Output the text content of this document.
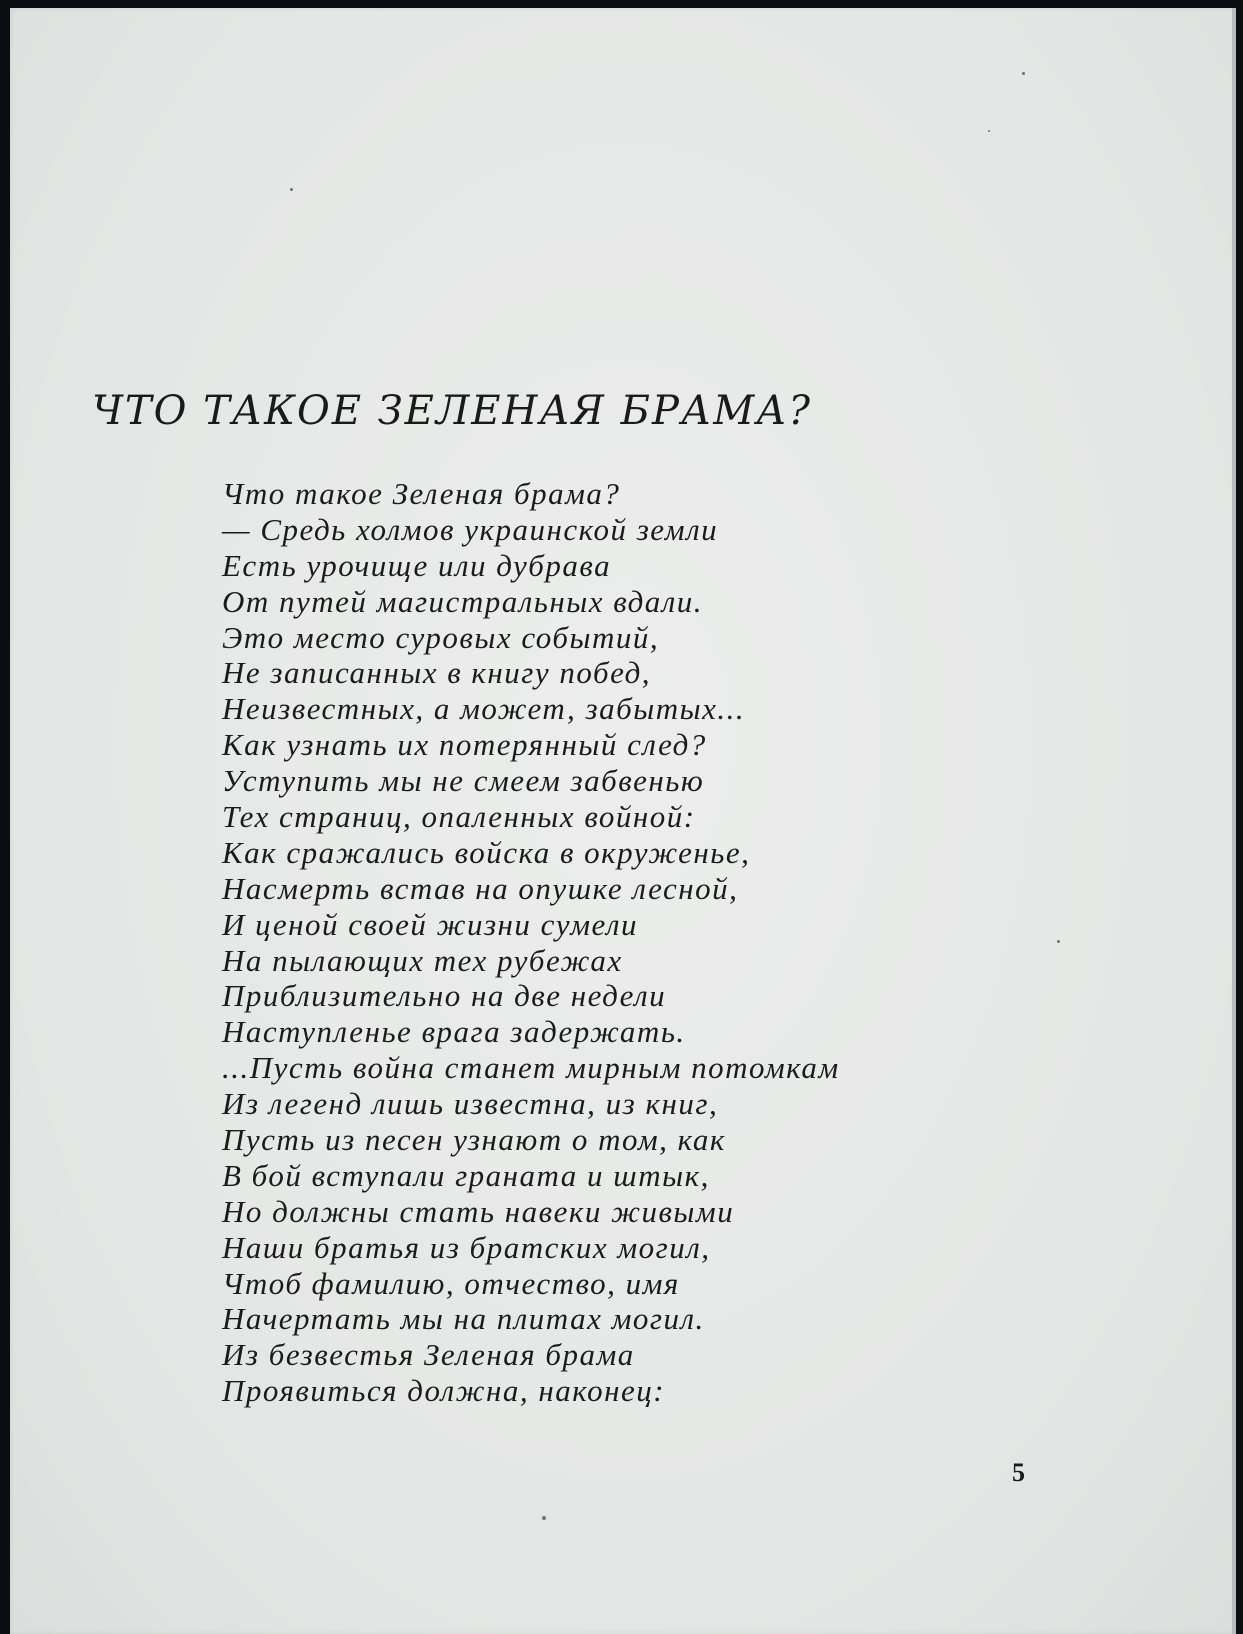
ЧТО ТАКОЕ ЗЕЛЕНАЯ БРАМА?
Что такое Зеленая брама?
— Средь холмов украинской земли
Есть урочище или дубрава
От путей магистральных вдали.
Это место суровых событий,
Не записанных в книгу побед,
Неизвестных, а может, забытых...
Как узнать их потерянный след?
Уступить мы не смеем забвенью
Тех страниц, опаленных войной:
Как сражались войска в окруженье,
Насмерть встав на опушке лесной,
И ценой своей жизни сумели
На пылающих тех рубежах
Приблизительно на две недели
Наступленье врага задержать.
...Пусть война станет мирным потомкам
Из легенд лишь известна, из книг,
Пусть из песен узнают о том, как
В бой вступали граната и штык,
Но должны стать навеки живыми
Наши братья из братских могил,
Чтоб фамилию, отчество, имя
Начертать мы на плитах могил.
Из безвестья Зеленая брама
Проявиться должна, наконец:
5
